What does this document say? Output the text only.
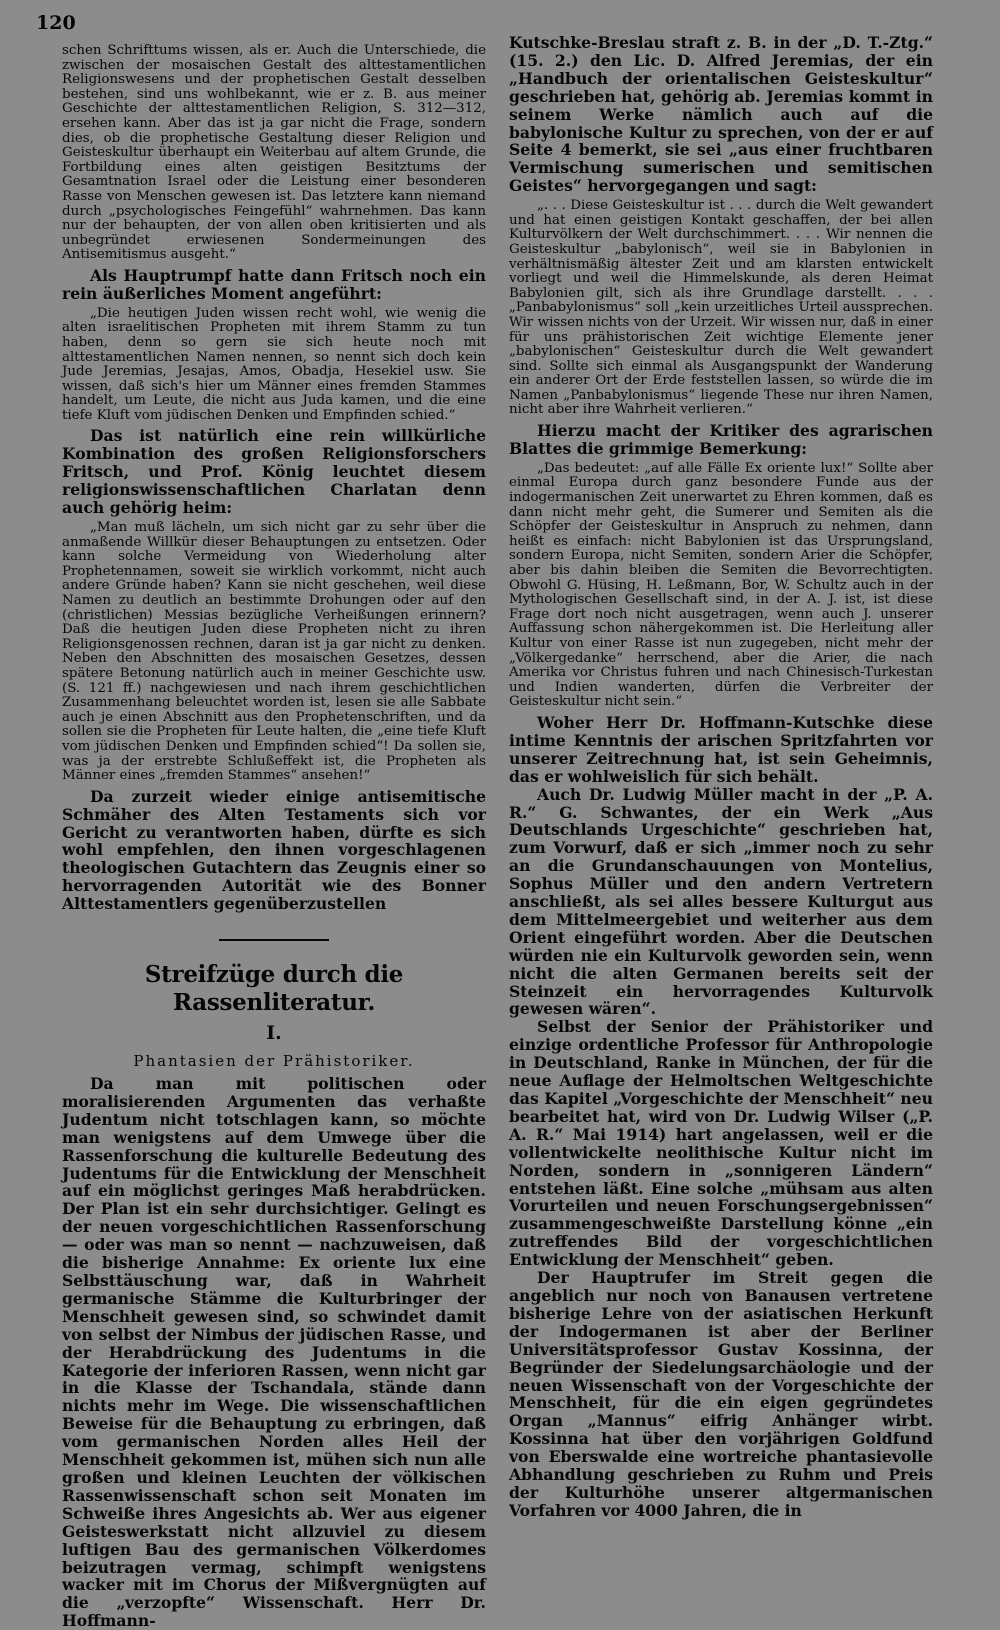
120

schen Schrifttums wissen, als er. Auch die Unterschiede, die zwischen der mosaischen Gestalt des alttestamentlichen Religionswesens und der prophetischen Gestalt desselben bestehen, sind uns wohlbekannt, wie er z. B. aus meiner Geschichte der alttestamentlichen Religion, S. 312—312, ersehen kann. Aber das ist ja gar nicht die Frage, sondern dies, ob die prophetische Gestaltung dieser Religion und Geisteskultur überhaupt ein Weiterbau auf altem Grunde, die Fortbildung eines alten geistigen Besitztums der Gesamtnation Israel oder die Leistung einer besonderen Rasse von Menschen gewesen ist. Das letztere kann niemand durch „psychologisches Feingefühl“ wahrnehmen. Das kann nur der behaupten, der von allen oben kritisierten und als unbegründet erwiesenen Sondermeinungen des Antisemitismus ausgeht.“

Als Hauptrumpf hatte dann Fritsch noch ein rein äußerliches Moment angeführt:

„Die heutigen Juden wissen recht wohl, wie wenig die alten israelitischen Propheten mit ihrem Stamm zu tun haben, denn so gern sie sich heute noch mit alttestamentlichen Namen nennen, so nennt sich doch kein Jude Jeremias, Jesajas, Amos, Obadja, Hesekiel usw. Sie wissen, daß sich's hier um Männer eines fremden Stammes handelt, um Leute, die nicht aus Juda kamen, und die eine tiefe Kluft vom jüdischen Denken und Empfinden schied.“

Das ist natürlich eine rein willkürliche Kombination des großen Religionsforschers Fritsch, und Prof. König leuchtet diesem religionswissenschaftlichen Charlatan denn auch gehörig heim:

„Man muß lächeln, um sich nicht gar zu sehr über die anmaßende Willkür dieser Behauptungen zu entsetzen. Oder kann solche Vermeidung von Wiederholung alter Prophetennamen, soweit sie wirklich vorkommt, nicht auch andere Gründe haben? Kann sie nicht geschehen, weil diese Namen zu deutlich an bestimmte Drohungen oder auf den (christlichen) Messias bezügliche Verheißungen erinnern? Daß die heutigen Juden diese Propheten nicht zu ihren Religionsgenossen rechnen, daran ist ja gar nicht zu denken. Neben den Abschnitten des mosaischen Gesetzes, dessen spätere Betonung natürlich auch in meiner Geschichte usw. (S. 121 ff.) nachgewiesen und nach ihrem geschichtlichen Zusammenhang beleuchtet worden ist, lesen sie alle Sabbate auch je einen Abschnitt aus den Prophetenschriften, und da sollen sie die Propheten für Leute halten, die „eine tiefe Kluft vom jüdischen Denken und Empfinden schied“! Da sollen sie, was ja der erstrebte Schlußeffekt ist, die Propheten als Männer eines „fremden Stammes“ ansehen!“

Da zurzeit wieder einige antisemitische Schmäher des Alten Testaments sich vor Gericht zu verantworten haben, dürfte es sich wohl empfehlen, den ihnen vorgeschlagenen theologischen Gutachtern das Zeugnis einer so hervorragenden Autorität wie des Bonner Alttestamentlers gegenüberzustellen

Streifzüge durch die Rassenliteratur.
I.
Phantasien der Prähistoriker.

Da man mit politischen oder moralisierenden Argumenten das verhaßte Judentum nicht totschlagen kann, so möchte man wenigstens auf dem Umwege über die Rassenforschung die kulturelle Bedeutung des Judentums für die Entwicklung der Menschheit auf ein möglichst geringes Maß herabdrücken. Der Plan ist ein sehr durchsichtiger. Gelingt es der neuen vorgeschichtlichen Rassenforschung — oder was man so nennt — nachzuweisen, daß die bisherige Annahme: Ex oriente lux eine Selbsttäuschung war, daß in Wahrheit germanische Stämme die Kulturbringer der Menschheit gewesen sind, so schwindet damit von selbst der Nimbus der jüdischen Rasse, und der Herabdrückung des Judentums in die Kategorie der inferioren Rassen, wenn nicht gar in die Klasse der Tschandala, stände dann nichts mehr im Wege. Die wissenschaftlichen Beweise für die Behauptung zu erbringen, daß vom germanischen Norden alles Heil der Menschheit gekommen ist, mühen sich nun alle großen und kleinen Leuchten der völkischen Rassenwissenschaft schon seit Monaten im Schweiße ihres Angesichts ab. Wer aus eigener Geisteswerkstatt nicht allzuviel zu diesem luftigen Bau des germanischen Völkerdomes beizutragen vermag, schimpft wenigstens wacker mit im Chorus der Mißvergnügten auf die „verzopfte“ Wissenschaft. Herr Dr. Hoffmann-

Kutschke-Breslau straft z. B. in der „D. T.-Ztg.“ (15. 2.) den Lic. D. Alfred Jeremias, der ein „Handbuch der orientalischen Geisteskultur“ geschrieben hat, gehörig ab. Jeremias kommt in seinem Werke nämlich auch auf die babylonische Kultur zu sprechen, von der er auf Seite 4 bemerkt, sie sei „aus einer fruchtbaren Vermischung sumerischen und semitischen Geistes“ hervorgegangen und sagt:

„. . . Diese Geisteskultur ist . . . durch die Welt gewandert und hat einen geistigen Kontakt geschaffen, der bei allen Kulturvölkern der Welt durchschimmert. . . . Wir nennen die Geisteskultur „babylonisch“, weil sie in Babylonien in verhältnismäßig ältester Zeit und am klarsten entwickelt vorliegt und weil die Himmelskunde, als deren Heimat Babylonien gilt, sich als ihre Grundlage darstellt. . . . „Panbabylonismus“ soll „kein urzeitliches Urteil aussprechen. Wir wissen nichts von der Urzeit. Wir wissen nur, daß in einer für uns prähistorischen Zeit wichtige Elemente jener „babylonischen“ Geisteskultur durch die Welt gewandert sind. Sollte sich einmal als Ausgangspunkt der Wanderung ein anderer Ort der Erde feststellen lassen, so würde die im Namen „Panbabylonismus“ liegende These nur ihren Namen, nicht aber ihre Wahrheit verlieren.“

Hierzu macht der Kritiker des agrarischen Blattes die grimmige Bemerkung:

„Das bedeutet: „auf alle Fälle Ex oriente lux!“ Sollte aber einmal Europa durch ganz besondere Funde aus der indogermanischen Zeit unerwartet zu Ehren kommen, daß es dann nicht mehr geht, die Sumerer und Semiten als die Schöpfer der Geisteskultur in Anspruch zu nehmen, dann heißt es einfach: nicht Babylonien ist das Ursprungsland, sondern Europa, nicht Semiten, sondern Arier die Schöpfer, aber bis dahin bleiben die Semiten die Bevorrechtigten. Obwohl G. Hüsing, H. Leßmann, Bor, W. Schultz auch in der Mythologischen Gesellschaft sind, in der A. J. ist, ist diese Frage dort noch nicht ausgetragen, wenn auch J. unserer Auffassung schon nähergekommen ist. Die Herleitung aller Kultur von einer Rasse ist nun zugegeben, nicht mehr der „Völkergedanke“ herrschend, aber die Arier, die nach Amerika vor Christus fuhren und nach Chinesisch-Turkestan und Indien wanderten, dürfen die Verbreiter der Geisteskultur nicht sein.“

Woher Herr Dr. Hoffmann-Kutschke diese intime Kenntnis der arischen Spritzfahrten vor unserer Zeitrechnung hat, ist sein Geheimnis, das er wohlweislich für sich behält.

Auch Dr. Ludwig Müller macht in der „P. A. R.“ G. Schwantes, der ein Werk „Aus Deutschlands Urgeschichte“ geschrieben hat, zum Vorwurf, daß er sich „immer noch zu sehr an die Grundanschauungen von Montelius, Sophus Müller und den andern Vertretern anschließt, als sei alles bessere Kulturgut aus dem Mittelmeergebiet und weiterher aus dem Orient eingeführt worden. Aber die Deutschen würden nie ein Kulturvolk geworden sein, wenn nicht die alten Germanen bereits seit der Steinzeit ein hervorragendes Kulturvolk gewesen wären“.

Selbst der Senior der Prähistoriker und einzige ordentliche Professor für Anthropologie in Deutschland, Ranke in München, der für die neue Auflage der Helmoltschen Weltgeschichte das Kapitel „Vorgeschichte der Menschheit“ neu bearbeitet hat, wird von Dr. Ludwig Wilser („P. A. R.“ Mai 1914) hart angelassen, weil er die vollentwickelte neolithische Kultur nicht im Norden, sondern in „sonnigeren Ländern“ entstehen läßt. Eine solche „mühsam aus alten Vorurteilen und neuen Forschungsergebnissen“ zusammengeschweißte Darstellung könne „ein zutreffendes Bild der vorgeschichtlichen Entwicklung der Menschheit“ geben.

Der Hauptrufer im Streit gegen die angeblich nur noch von Banausen vertretene bisherige Lehre von der asiatischen Herkunft der Indogermanen ist aber der Berliner Universitätsprofessor Gustav Kossinna, der Begründer der Siedelungsarchäologie und der neuen Wissenschaft von der Vorgeschichte der Menschheit, für die ein eigen gegründetes Organ „Mannus“ eifrig Anhänger wirbt. Kossinna hat über den vorjährigen Goldfund von Eberswalde eine wortreiche phantasievolle Abhandlung geschrieben zu Ruhm und Preis der Kulturhöhe unserer altgermanischen Vorfahren vor 4000 Jahren, die in
